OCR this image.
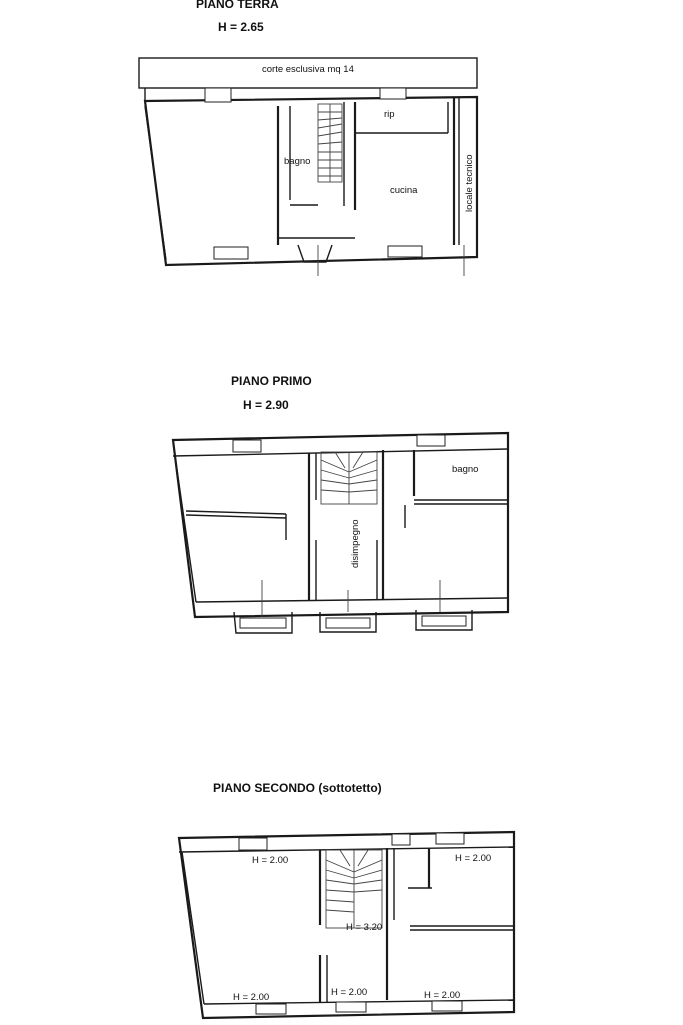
PIANO TERRA
H = 2.65
corte esclusiva mq 14
rip
bagno
cucina	locale tecnico
PIANO PRIMO
H = 2.90
bagno
disimpegno
PIANO SECONDO (sottotetto)
H = 2.00	H = 2.00
H = 3.20
H = 2.00	H = 2.00	H = 2.00
